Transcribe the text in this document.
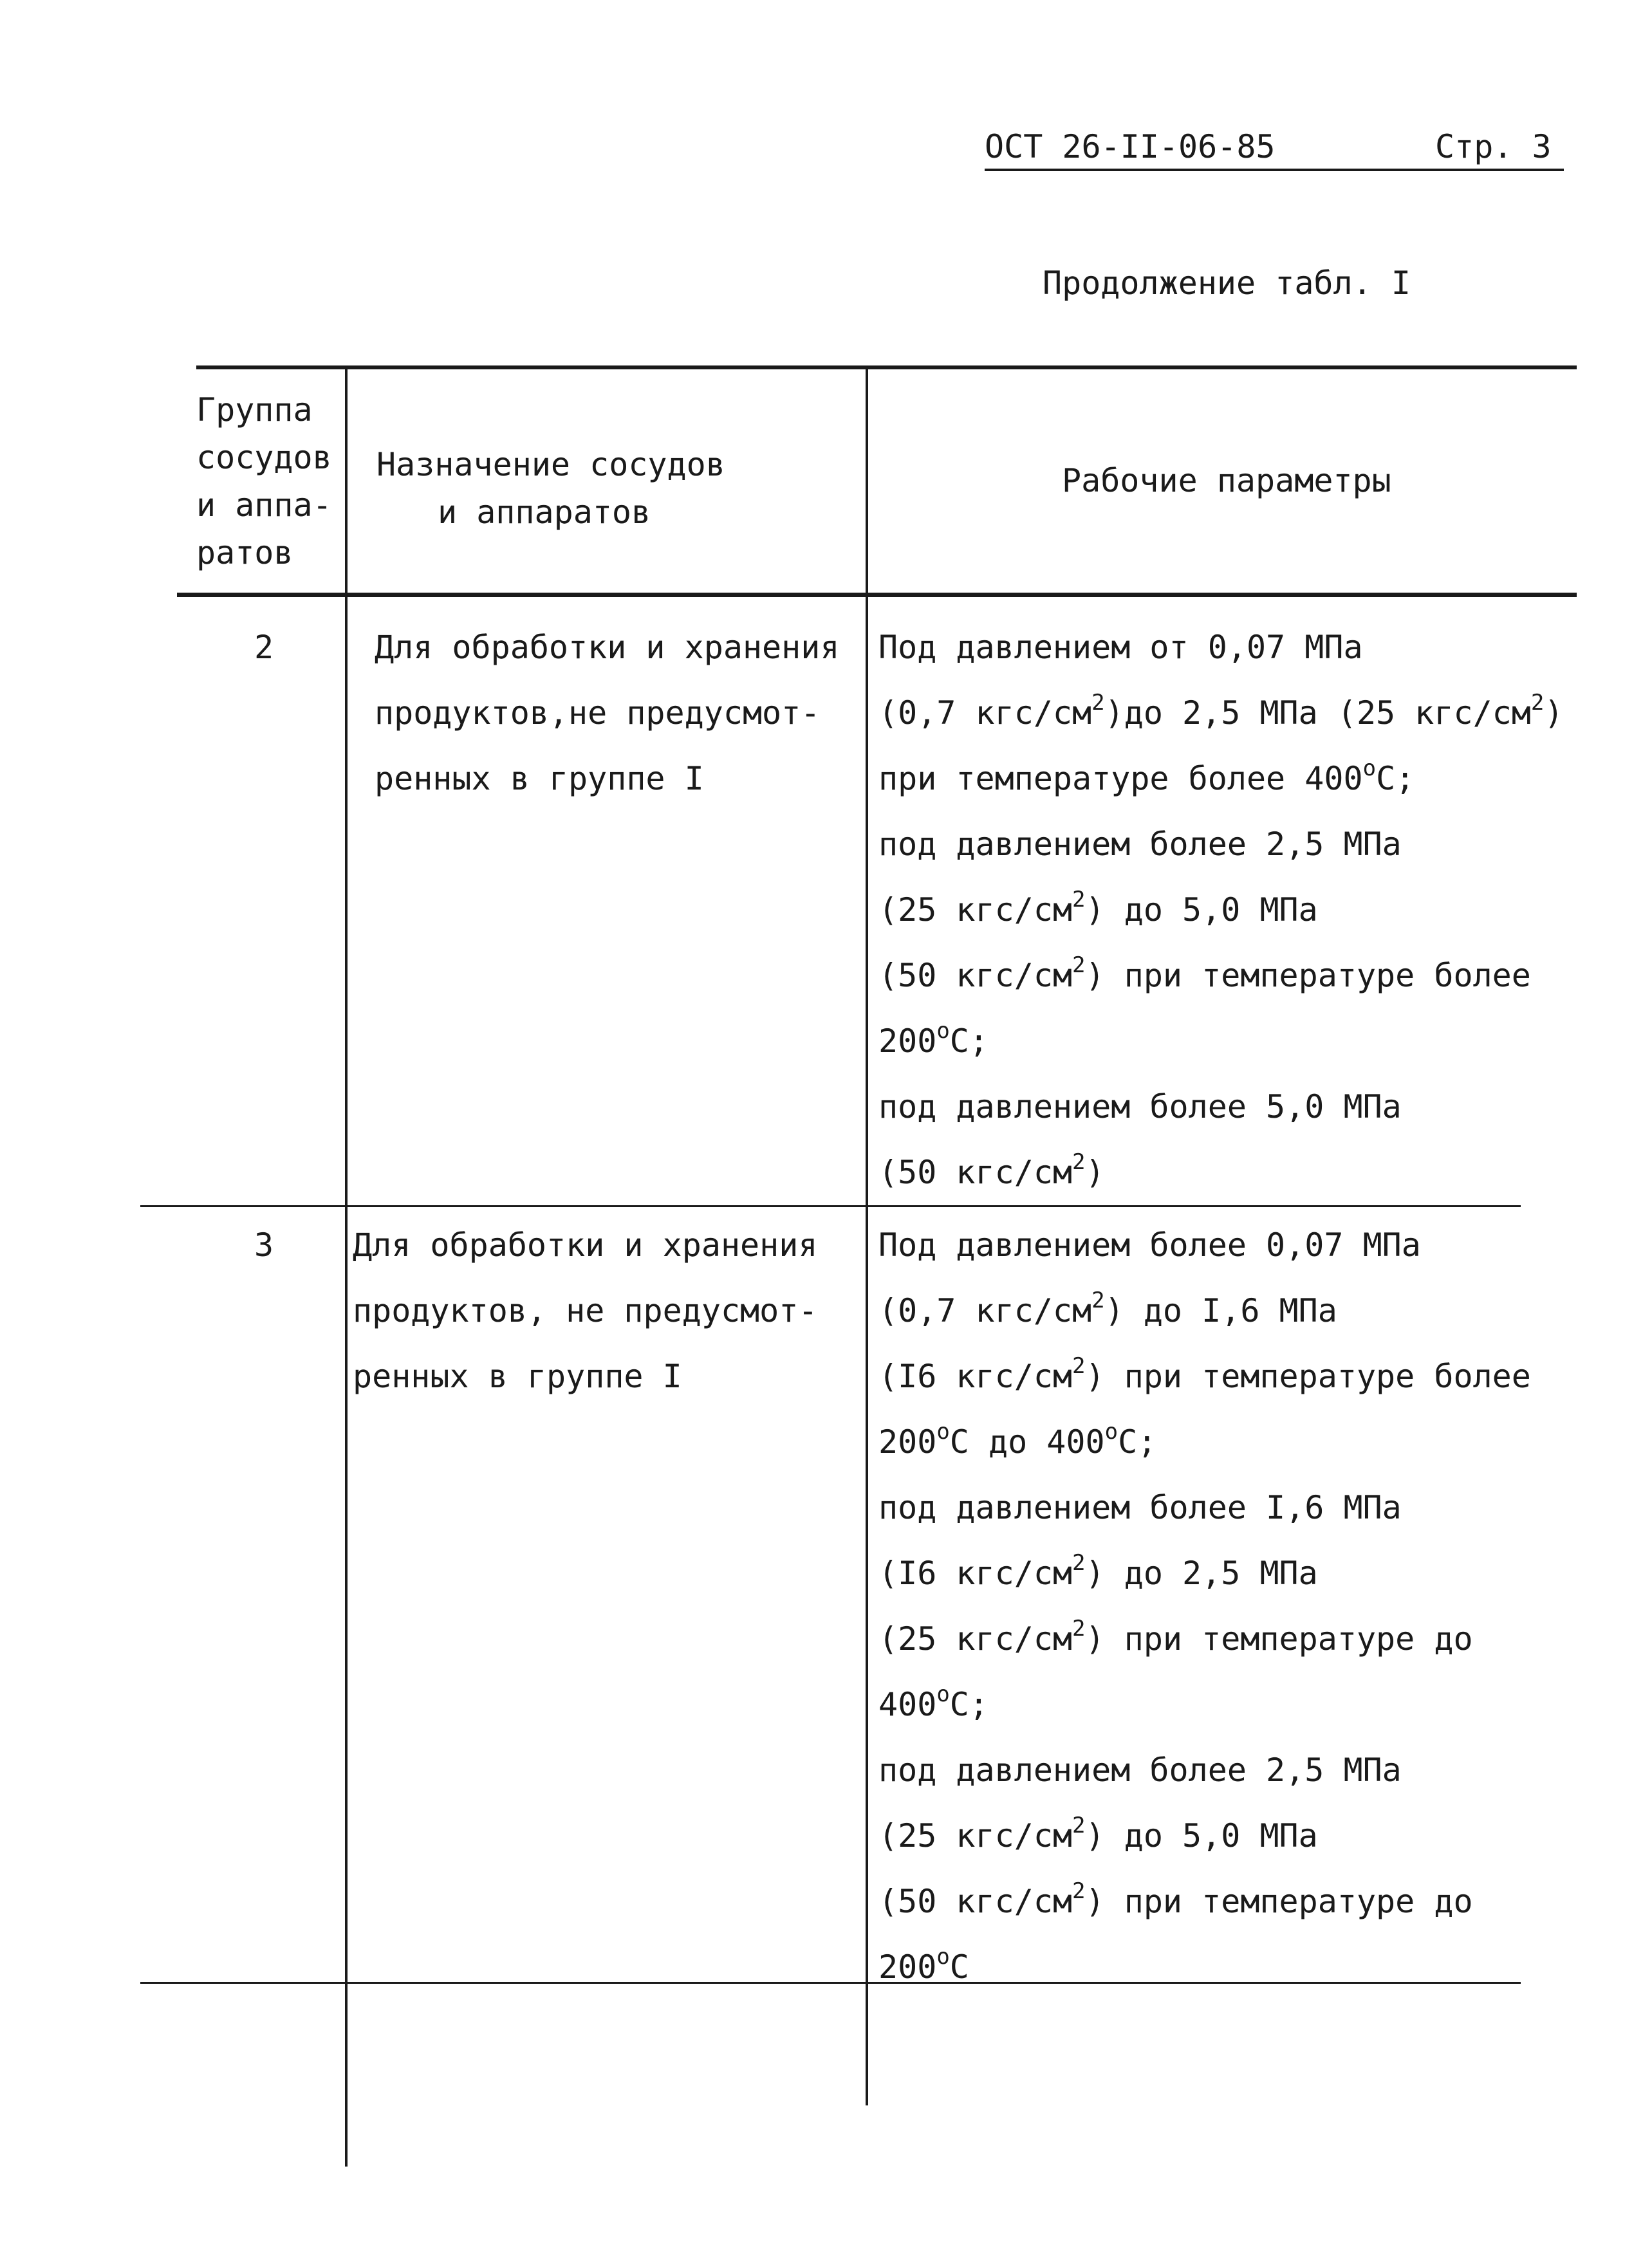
ОСТ 26-II-06-85	Стр. 3
Продолжение табл. I
Группа
сосудов
и аппа-
ратов
Назначение сосудов
и аппаратов
Рабочие параметры
2	Для обработки и хранения
продуктов,не предусмот-
ренных в группе I
Под давлением от 0,07 МПа
(0,7 кгс/$см^2)до$ 2,5 МПа (25 кгс/$см^2$)
при температуре более $400^оС$;
под давлением более 2,5 МПа
(25 кгс/$см^2$) до 5,0 МПа
(50 кгс/$см^2$) при температуре более
$200^оС$;
под давлением более 5,0 МПа
(50 кгс/$см^2$)
3 Для обработки и хранения
продуктов, не предусмот-
ренных в группе I
Под давлением более 0,07 МПа
(0,7 кгс/$см^2$) до I,6 МПа
(I6 кгс/$см^2$) при температуре более
$200^оС$ до $400^оС$;
под давлением более I,6 МПа
(I6 кгс/$см^2$) до 2,5 МПа
(25 кгс/$см^2$) при температуре до
$400^оС$;
под давлением более 2,5 МПа
(25 кгс/$см^2$) до 5,0 МПа
(50 кгс/$см^2$) при температуре до
$200^оС$
